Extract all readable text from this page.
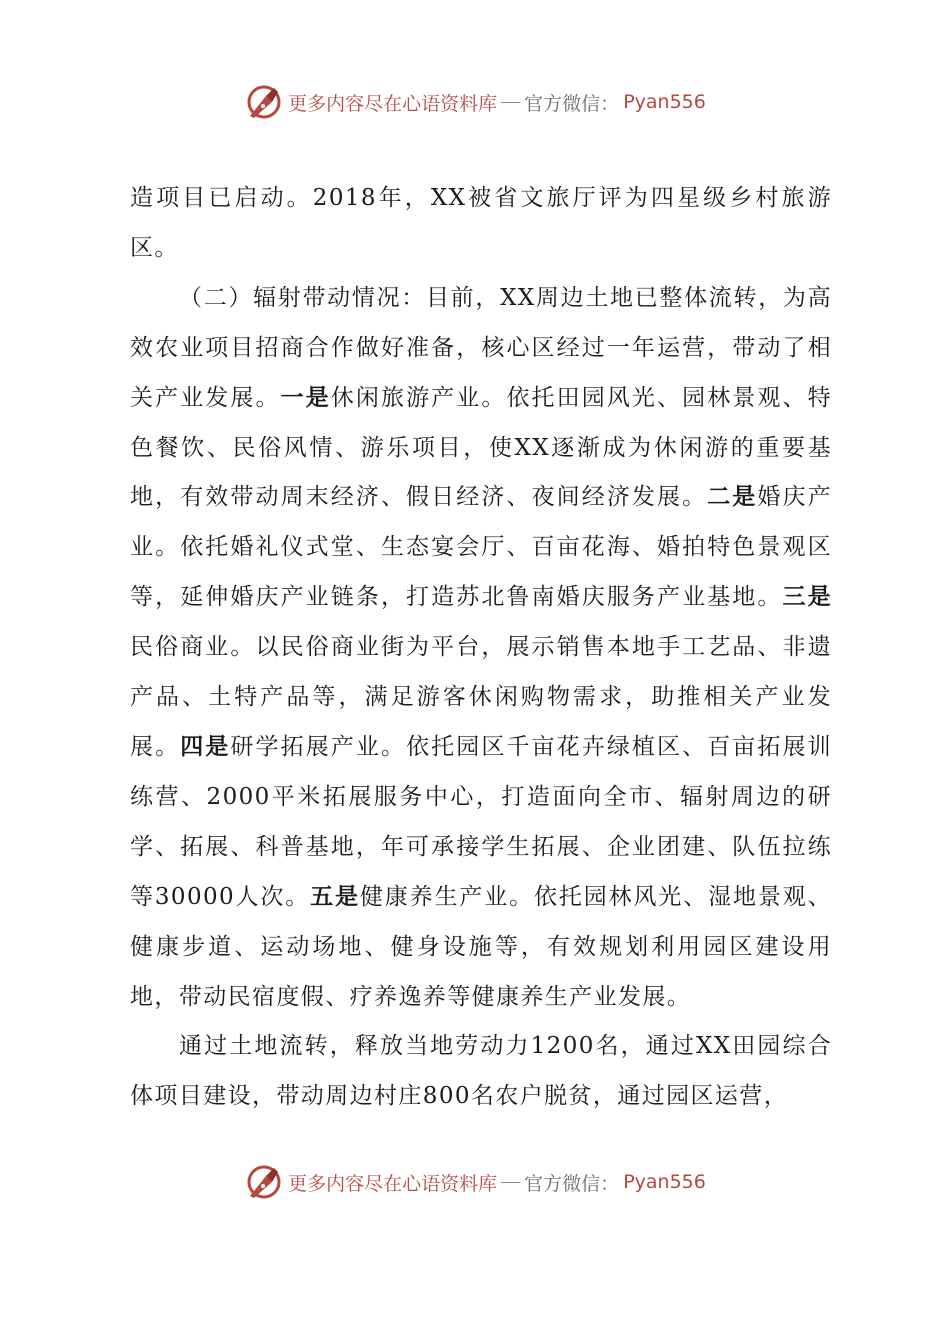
更多内容尽在心语资料库 — 官方微信： Pyan556

造项目已启动。2018年，XX被省文旅厅评为四星级乡村旅游区。

（二）辐射带动情况：目前，XX周边土地已整体流转，为高效农业项目招商合作做好准备，核心区经过一年运营，带动了相关产业发展。一是休闲旅游产业。依托田园风光、园林景观、特色餐饮、民俗风情、游乐项目，使XX逐渐成为休闲游的重要基地，有效带动周末经济、假日经济、夜间经济发展。二是婚庆产业。依托婚礼仪式堂、生态宴会厅、百亩花海、婚拍特色景观区等，延伸婚庆产业链条，打造苏北鲁南婚庆服务产业基地。三是民俗商业。以民俗商业街为平台，展示销售本地手工艺品、非遗产品、土特产品等，满足游客休闲购物需求，助推相关产业发展。四是研学拓展产业。依托园区千亩花卉绿植区、百亩拓展训练营、2000平米拓展服务中心，打造面向全市、辐射周边的研学、拓展、科普基地，年可承接学生拓展、企业团建、队伍拉练等30000人次。五是健康养生产业。依托园林风光、湿地景观、健康步道、运动场地、健身设施等，有效规划利用园区建设用地，带动民宿度假、疗养逸养等健康养生产业发展。

通过土地流转，释放当地劳动力1200名，通过XX田园综合体项目建设，带动周边村庄800名农户脱贫，通过园区运营，

更多内容尽在心语资料库 — 官方微信： Pyan556
